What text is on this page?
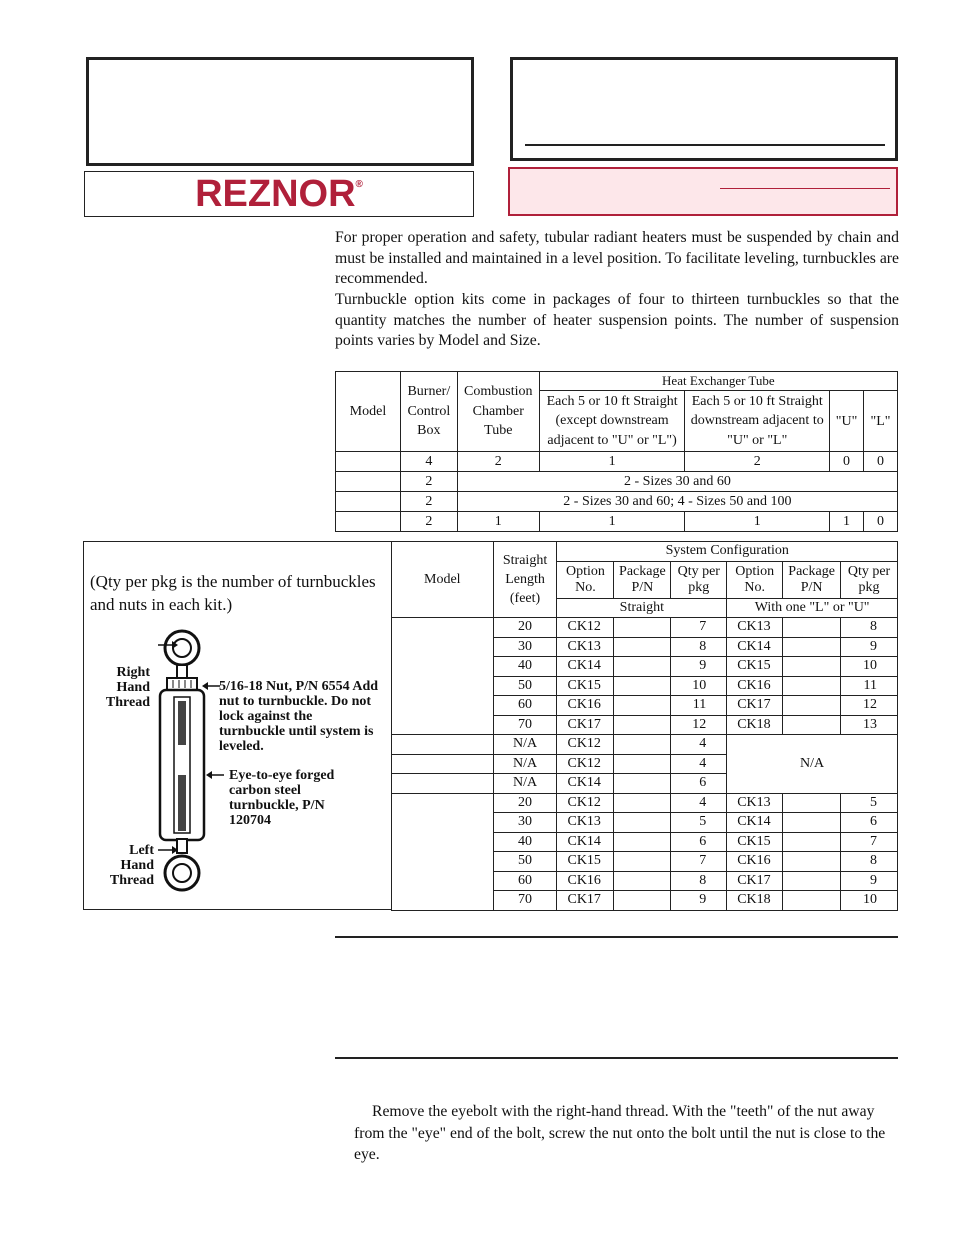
REZNOR®
For proper operation and safety, tubular radiant heaters must be suspended by chain and must be installed and maintained in a level position. To facilitate leveling, turnbuckles are recommended.
Turnbuckle option kits come in packages of four to thirteen turnbuckles so that the quantity matches the number of heater suspension points. The number of suspension points varies by Model and Size.
Model	Burner/ Control Box	Combustion Chamber Tube	Heat Exchanger Tube			
			Each 5 or 10 ft Straight (except downstream adjacent to "U" or "L")	Each 5 or 10 ft Straight downstream adjacent to "U" or "L"	"U"	"L"
	4	2	1	2	0	0
	2	2 - Sizes 30 and 60				
	2	2 - Sizes 30 and 60; 4 - Sizes 50 and 100				
	2	1	1	1	1	0
(Qty per pkg is the number of turnbuckles and nuts in each kit.)
Right Hand Thread
5/16-18 Nut, P/N 6554 Add nut to turnbuckle. Do not lock against the turnbuckle until system is leveled.
Eye-to-eye forged carbon steel turnbuckle, P/N 120704
Left Hand Thread
Model	Straight Length (feet)	System Configuration					
		Option No.	Package P/N	Qty per pkg	Option No.	Package P/N	Qty per pkg
		Straight			With one "L" or "U"		
	20	CK12		7	CK13		8
	30	CK13		8	CK14		9
	40	CK14		9	CK15		10
	50	CK15		10	CK16		11
	60	CK16		11	CK17		12
	70	CK17		12	CK18		13
	N/A	CK12		4	N/A		
	N/A	CK12		4			
	N/A	CK14		6			
	20	CK12		4	CK13		5
	30	CK13		5	CK14		6
	40	CK14		6	CK15		7
	50	CK15		7	CK16		8
	60	CK16		8	CK17		9
	70	CK17		9	CK18		10
Remove the eyebolt with the right-hand thread. With the "teeth" of the nut away from the "eye" end of the bolt, screw the nut onto the bolt until the nut is close to the eye.
